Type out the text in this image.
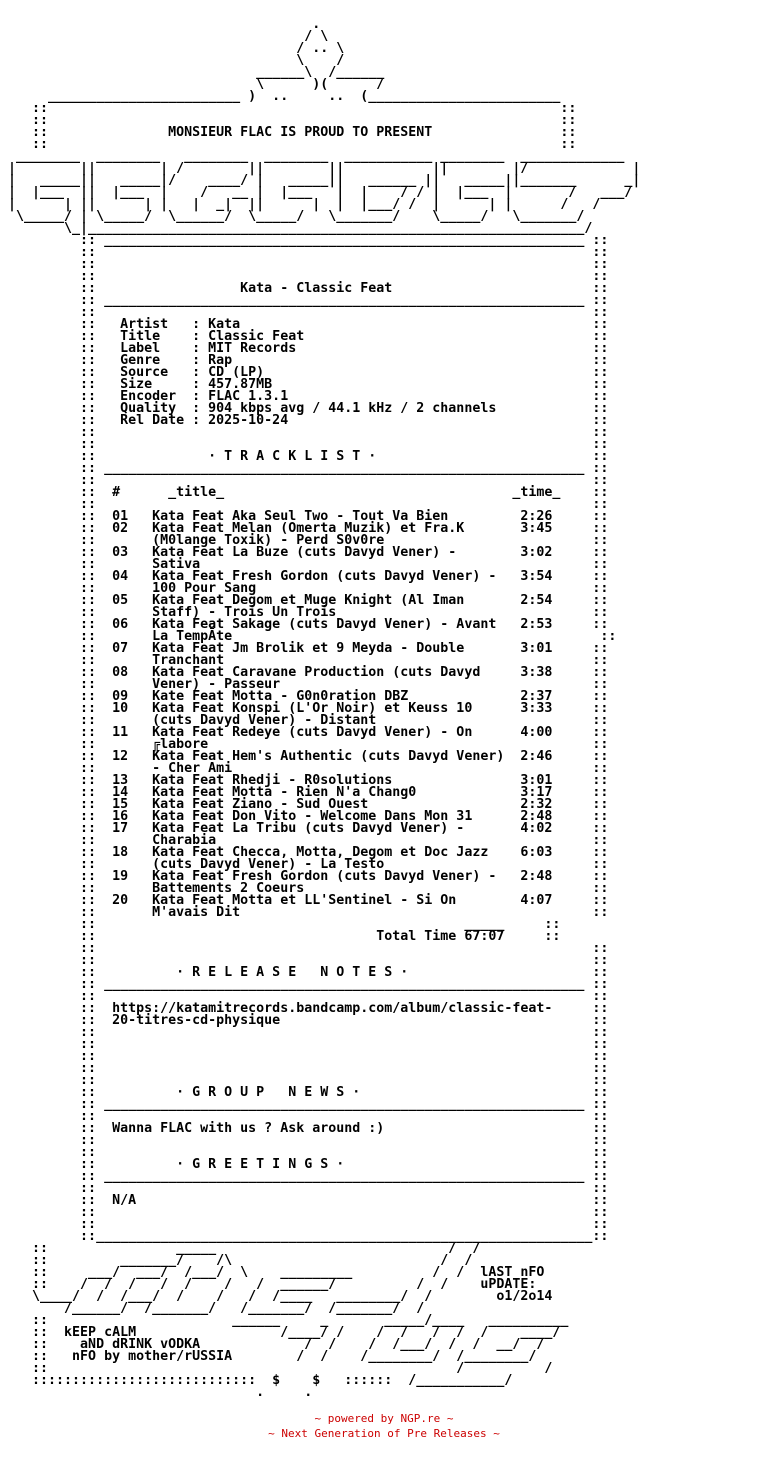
.
/ \
/ .. \
\    /
______\  /______
\      )(      /
________________________ )  ..     ..  (________________________
::                                                                ::
::                                                                ::
::               MONSIEUR FLAC IS PROUD TO PRESENT                ::
::                                                                ::
________  ________   ________  ________  ___________ ________  _____________
|        ||        | /        ||        ||           ||        |/             |
|   _____||   _____|/    ____/ |   _____||   ______ ||   _____||_______      _|
|  |___  ||  |___  |    /   __ |  |___   |  |    / / |  |___  |       /   ___/
|      | ||      | |   |  _|  ||      |  |  |___/ /  |      | |      /   /
\_____/ | \_____/  \______/  \_____/   \_______/    \_____/   \_______/
\_|______________________________________________________________/
:: ____________________________________________________________ ::
::                                                              ::
::                                                              ::
::                                                              ::
::                  Kata - Classic Feat                         ::
:: ____________________________________________________________ ::
::                                                              ::
::   Artist   : Kata                                            ::
::   Title    : Classic Feat                                    ::
::   Label    : MIT Records                                     ::
::   Genre    : Rap                                             ::
::   Source   : CD (LP)                                         ::
::   Size     : 457.87MB                                        ::
::   Encoder  : FLAC 1.3.1                                      ::
::   Quality  : 904 kbps avg / 44.1 kHz / 2 channels            ::
::   Rel Date : 2025-10-24                                      ::
::                                                              ::
::                                                              ::
::              · T R A C K L I S T ·                           ::
:: ____________________________________________________________ ::
::                                                              ::
::  #      _title_                                    _time_    ::
::                                                              ::
::  01   Kata Feat Aka Seul Two - Tout Va Bien         2:26     ::
::  02   Kata Feat Melan (Omerta Muzik) et Fra.K       3:45     ::
::       (M0lange Toxik) - Perd S0v0re                          ::
::  03   Kata Feat La Buze (cuts Davyd Vener) -        3:02     ::
::       Sativa                                                 ::
::  04   Kata Feat Fresh Gordon (cuts Davyd Vener) -   3:54     ::
::       100 Pour Sang                                          ::
::  05   Kata Feat Degom et Muge Knight (Al Iman       2:54     ::
::       Staff) - Trois Un Trois                                ::
::  06   Kata Feat Sakage (cuts Davyd Vener) - Avant   2:53     ::
::       La TempĀte                                              ::
::  07   Kata Feat Jm Brolik et 9 Meyda - Double       3:01     ::
::       Tranchant                                              ::
::  08   Kata Feat Caravane Production (cuts Davyd     3:38     ::
::       Vener) - Passeur                                       ::
::  09   Kate Feat Motta - G0n0ration DBZ              2:37     ::
::  10   Kata Feat Konspi (L'Or Noir) et Keuss 10      3:33     ::
::       (cuts Davyd Vener) - Distant                           ::
::  11   Kata Feat Redeye (cuts Davyd Vener) - On      4:00     ::
::       ╔labore                                                ::
::  12   Kata Feat Hem's Authentic (cuts Davyd Vener)  2:46     ::
::       - Cher Ami                                             ::
::  13   Kata Feat Rhedji - R0solutions                3:01     ::
::  14   Kata Feat Motta - Rien N'a Chang0             3:17     ::
::  15   Kata Feat Ziano - Sud Ouest                   2:32     ::
::  16   Kata Feat Don Vito - Welcome Dans Mon 31      2:48     ::
::  17   Kata Feat La Tribu (cuts Davyd Vener) -       4:02     ::
::       Charabia                                               ::
::  18   Kata Feat Checca, Motta, Degom et Doc Jazz    6:03     ::
::       (cuts Davyd Vener) - La Testo                          ::
::  19   Kata Feat Fresh Gordon (cuts Davyd Vener) -   2:48     ::
::       Battements 2 Coeurs                                    ::
::  20   Kata Feat Motta et LL'Sentinel - Si On        4:07     ::
::       M'avais Dit                                            ::
::                                              _____     ::
::                                   Total Time 67:07     ::
::                                                              ::
::                                                              ::
::          · R E L E A S E   N O T E S ·                       ::
:: ____________________________________________________________ ::
::                                                              ::
::  https://katamitrecords.bandcamp.com/album/classic-feat-     ::
::  20-titres-cd-physique                                       ::
::                                                              ::
::                                                              ::
::                                                              ::
::                                                              ::
::                                                              ::
::          · G R O U P   N E W S ·                             ::
:: ____________________________________________________________ ::
::                                                              ::
::  Wanna FLAC with us ? Ask around :)                          ::
::                                                              ::
::                                                              ::
::          · G R E E T I N G S ·                               ::
:: ____________________________________________________________ ::
::                                                              ::
::  N/A                                                         ::
::                                                              ::
::                                                              ::
::______________________________________________________________::
::                _____                             /  /
::         _______/    /\                          /  /
::     ___/  ___/  /___/  \    _________          /  /  lAST nFO
::    /  /  /   /  /    /   /  ______/          /  /    uPDATE:
\____/  /  /___/  /    /   /  /____   ________/  /        o1/2o14
/______/  /_______/   /_______/  /_______/  /
::                       ______     _       _____/____   __________
::  kEEP cALM                  /____/ /    /  /   /  /  /    ____/
::    aND dRINK vODKA             /  /    /  /___/  /  /  __/  /
::   nFO by mother/rUSSIA        /  /    /________/  /________/
::                                                   /          /
::::::::::::::::::::::::::::  $    $   ::::::  /___________/
.     .
~ powered by NGP.re ~
~ Next Generation of Pre Releases ~
